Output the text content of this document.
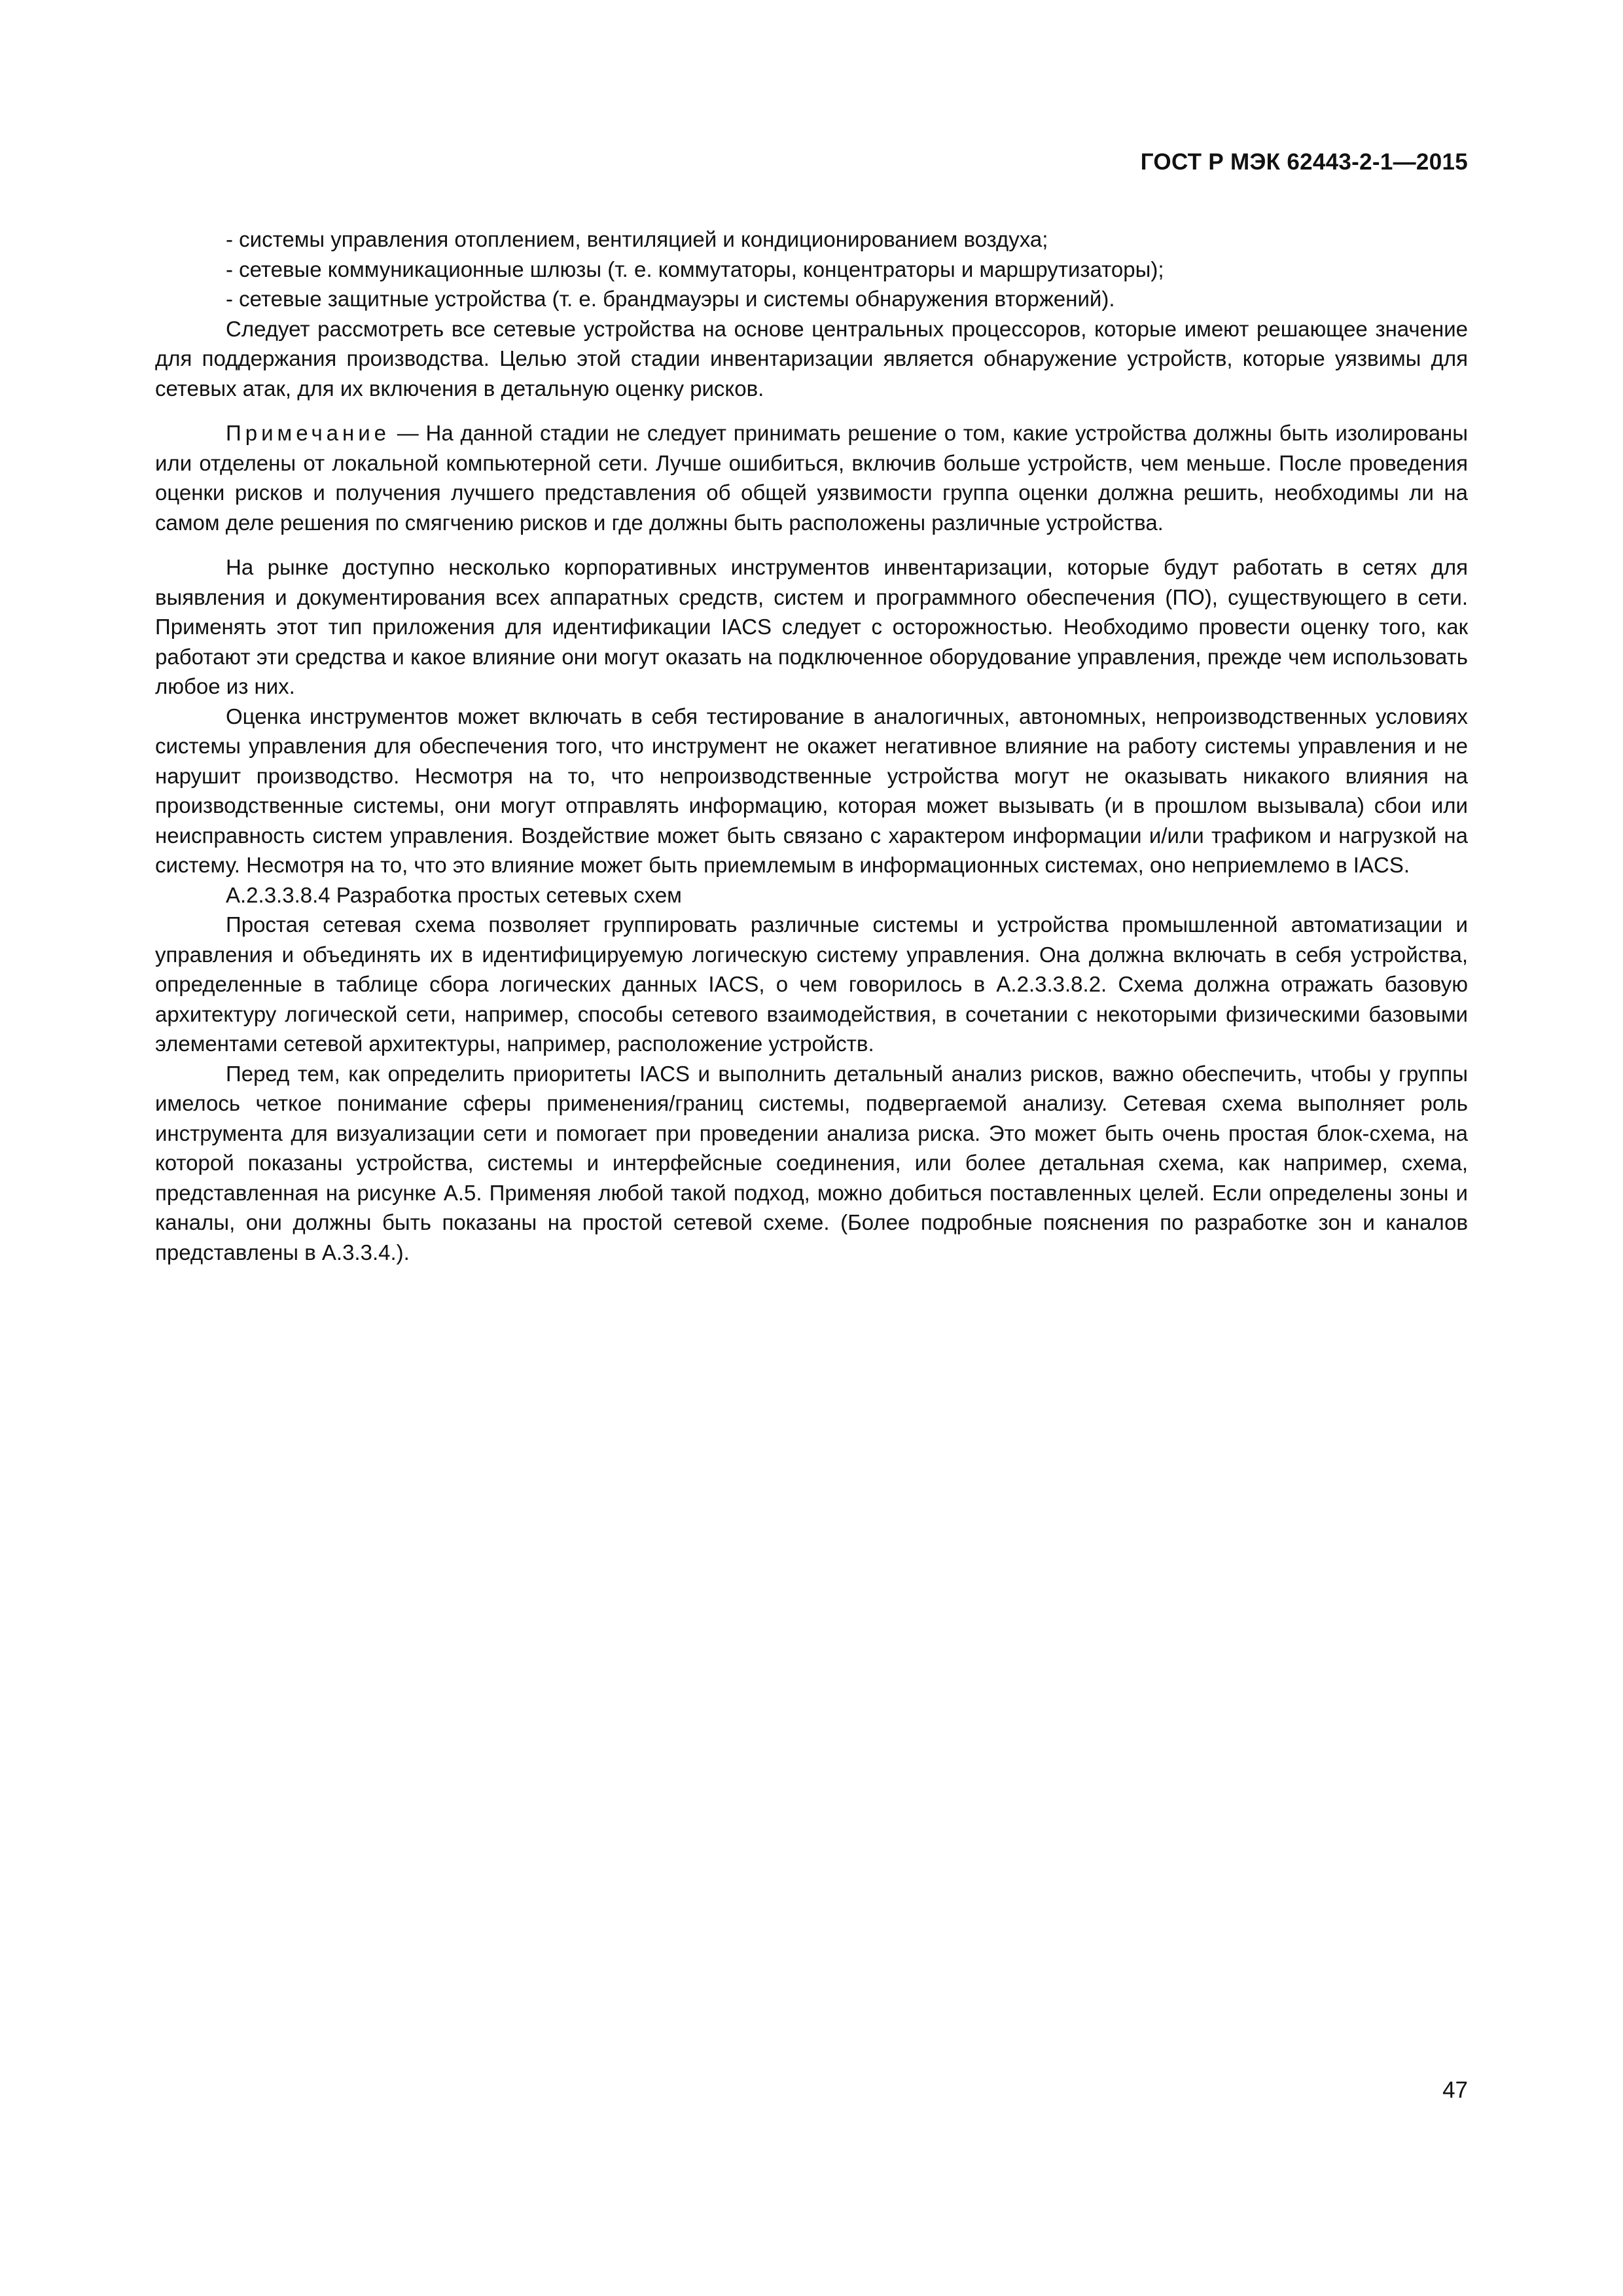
ГОСТ Р МЭК 62443-2-1—2015

- системы управления отоплением, вентиляцией и кондиционированием воздуха;

- сетевые коммуникационные шлюзы (т. е. коммутаторы, концентраторы и маршрутизаторы);

- сетевые защитные устройства (т. е. брандмауэры и системы обнаружения вторжений).

Следует рассмотреть все сетевые устройства на основе центральных процессоров, которые имеют решающее значение для поддержания производства. Целью этой стадии инвентаризации является обнаружение устройств, которые уязвимы для сетевых атак, для их включения в детальную оценку рисков.

Примечание — На данной стадии не следует принимать решение о том, какие устройства должны быть изолированы или отделены от локальной компьютерной сети. Лучше ошибиться, включив больше устройств, чем меньше. После проведения оценки рисков и получения лучшего представления об общей уязвимости группа оценки должна решить, необходимы ли на самом деле решения по смягчению рисков и где должны быть расположены различные устройства.

На рынке доступно несколько корпоративных инструментов инвентаризации, которые будут работать в сетях для выявления и документирования всех аппаратных средств, систем и программного обеспечения (ПО), существующего в сети. Применять этот тип приложения для идентификации IACS следует с осторожностью. Необходимо провести оценку того, как работают эти средства и какое влияние они могут оказать на подключенное оборудование управления, прежде чем использовать любое из них.

Оценка инструментов может включать в себя тестирование в аналогичных, автономных, непроизводственных условиях системы управления для обеспечения того, что инструмент не окажет негативное влияние на работу системы управления и не нарушит производство. Несмотря на то, что непроизводственные устройства могут не оказывать никакого влияния на производственные системы, они могут отправлять информацию, которая может вызывать (и в прошлом вызывала) сбои или неисправность систем управления. Воздействие может быть связано с характером информации и/или трафиком и нагрузкой на систему. Несмотря на то, что это влияние может быть приемлемым в информационных системах, оно неприемлемо в IACS.

А.2.3.3.8.4 Разработка простых сетевых схем

Простая сетевая схема позволяет группировать различные системы и устройства промышленной автоматизации и управления и объединять их в идентифицируемую логическую систему управления. Она должна включать в себя устройства, определенные в таблице сбора логических данных IACS, о чем говорилось в А.2.3.3.8.2. Схема должна отражать базовую архитектуру логической сети, например, способы сетевого взаимодействия, в сочетании с некоторыми физическими базовыми элементами сетевой архитектуры, например, расположение устройств.

Перед тем, как определить приоритеты IACS и выполнить детальный анализ рисков, важно обеспечить, чтобы у группы имелось четкое понимание сферы применения/границ системы, подвергаемой анализу. Сетевая схема выполняет роль инструмента для визуализации сети и помогает при проведении анализа риска. Это может быть очень простая блок-схема, на которой показаны устройства, системы и интерфейсные соединения, или более детальная схема, как например, схема, представленная на рисунке А.5. Применяя любой такой подход, можно добиться поставленных целей. Если определены зоны и каналы, они должны быть показаны на простой сетевой схеме. (Более подробные пояснения по разработке зон и каналов представлены в А.3.3.4.).

47
